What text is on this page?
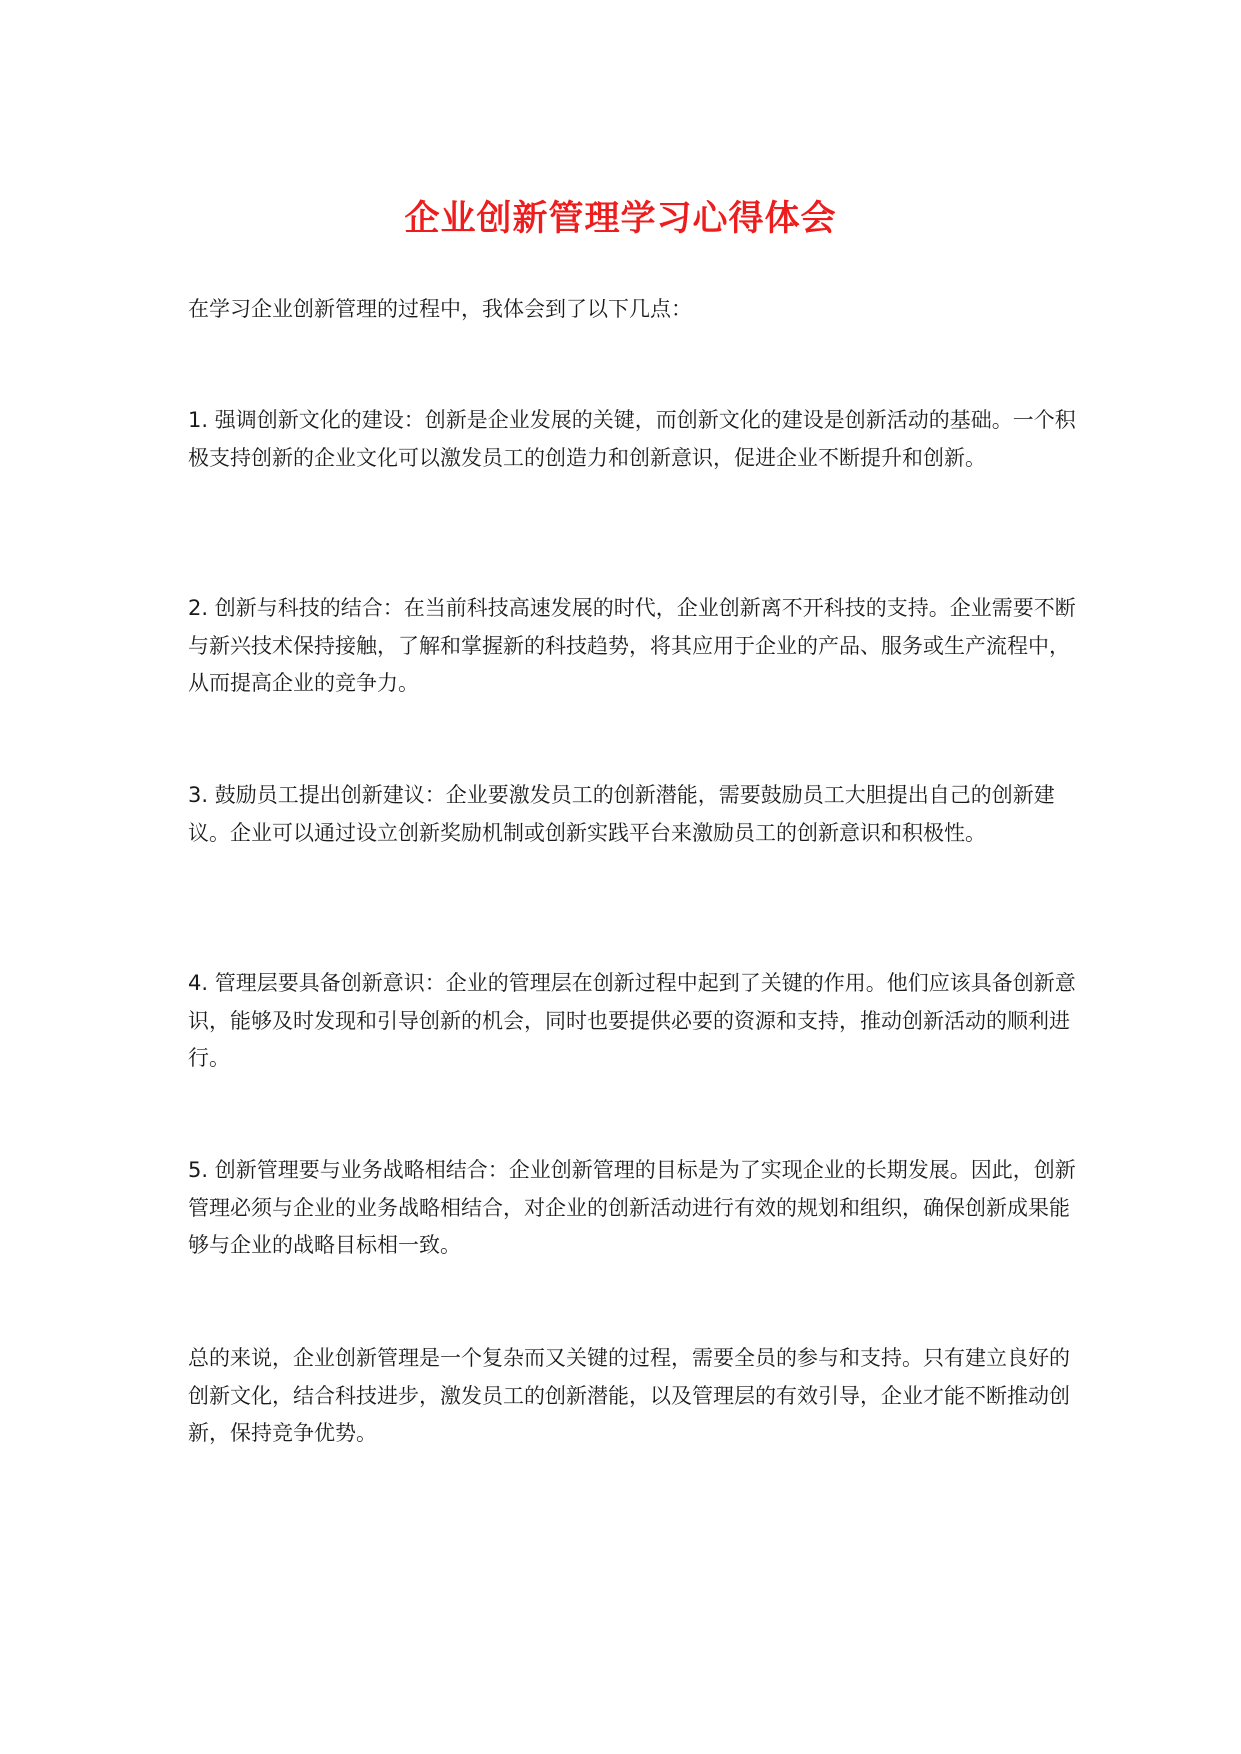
企业创新管理学习心得体会

在学习企业创新管理的过程中，我体会到了以下几点：

1. 强调创新文化的建设：创新是企业发展的关键，而创新文化的建设是创新活动的基础。一个积极支持创新的企业文化可以激发员工的创造力和创新意识，促进企业不断提升和创新。

2. 创新与科技的结合：在当前科技高速发展的时代，企业创新离不开科技的支持。企业需要不断与新兴技术保持接触，了解和掌握新的科技趋势，将其应用于企业的产品、服务或生产流程中，从而提高企业的竞争力。

3. 鼓励员工提出创新建议：企业要激发员工的创新潜能，需要鼓励员工大胆提出自己的创新建议。企业可以通过设立创新奖励机制或创新实践平台来激励员工的创新意识和积极性。

4. 管理层要具备创新意识：企业的管理层在创新过程中起到了关键的作用。他们应该具备创新意识，能够及时发现和引导创新的机会，同时也要提供必要的资源和支持，推动创新活动的顺利进行。

5. 创新管理要与业务战略相结合：企业创新管理的目标是为了实现企业的长期发展。因此，创新管理必须与企业的业务战略相结合，对企业的创新活动进行有效的规划和组织，确保创新成果能够与企业的战略目标相一致。

总的来说，企业创新管理是一个复杂而又关键的过程，需要全员的参与和支持。只有建立良好的创新文化，结合科技进步，激发员工的创新潜能，以及管理层的有效引导，企业才能不断推动创新，保持竞争优势。
